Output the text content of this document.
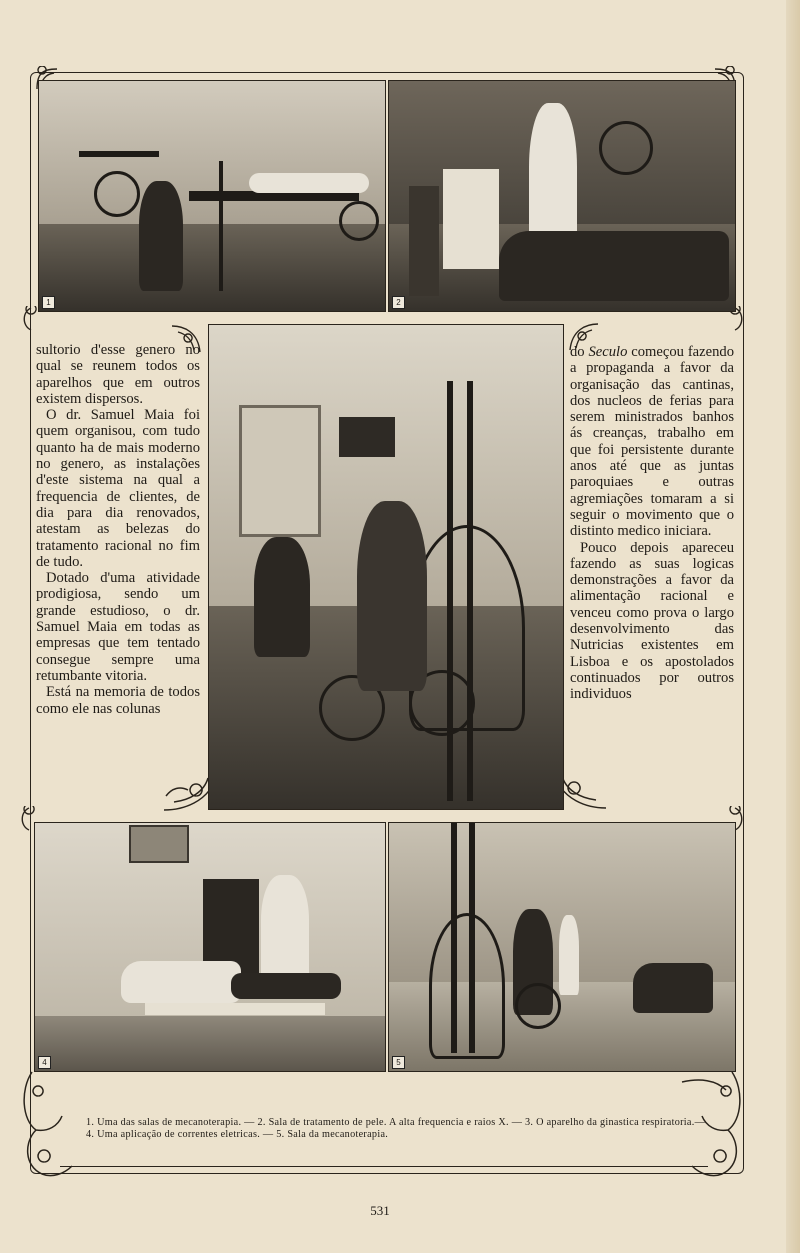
1	2
4	5

sultorio d'esse genero no qual se reunem todos os aparelhos que em outros existem dispersos.

O dr. Samuel Maia foi quem organisou, com tudo quanto ha de mais moderno no genero, as instalações d'este sistema na qual a frequencia de clientes, de dia para dia renovados, atestam as belezas do tratamento racional no fim de tudo.

Dotado d'uma atividade prodigiosa, sendo um grande estudioso, o dr. Samuel Maia em todas as empresas que tem tentado consegue sempre uma retumbante vitoria.

Está na memoria de todos como ele nas colunas

do Seculo começou fazendo a propaganda a favor da organisação das cantinas, dos nucleos de ferias para serem ministrados banhos ás creanças, trabalho em que foi persistente durante anos até que as juntas paroquiaes e outras agremiações tomaram a si seguir o movimento que o distinto medico iniciara.

Pouco depois apareceu fazendo as suas logicas demonstrações a favor da alimentação racional e venceu como prova o largo desenvolvimento das Nutricias existentes em Lisboa e os apostolados continuados por outros individuos

1. Uma das salas de mecanoterapia. — 2. Sala de tratamento de pele. A alta frequencia e raios X. — 3. O aparelho da ginastica respiratoria.—4. Uma aplicação de correntes eletricas. — 5. Sala da mecanoterapia.
531
